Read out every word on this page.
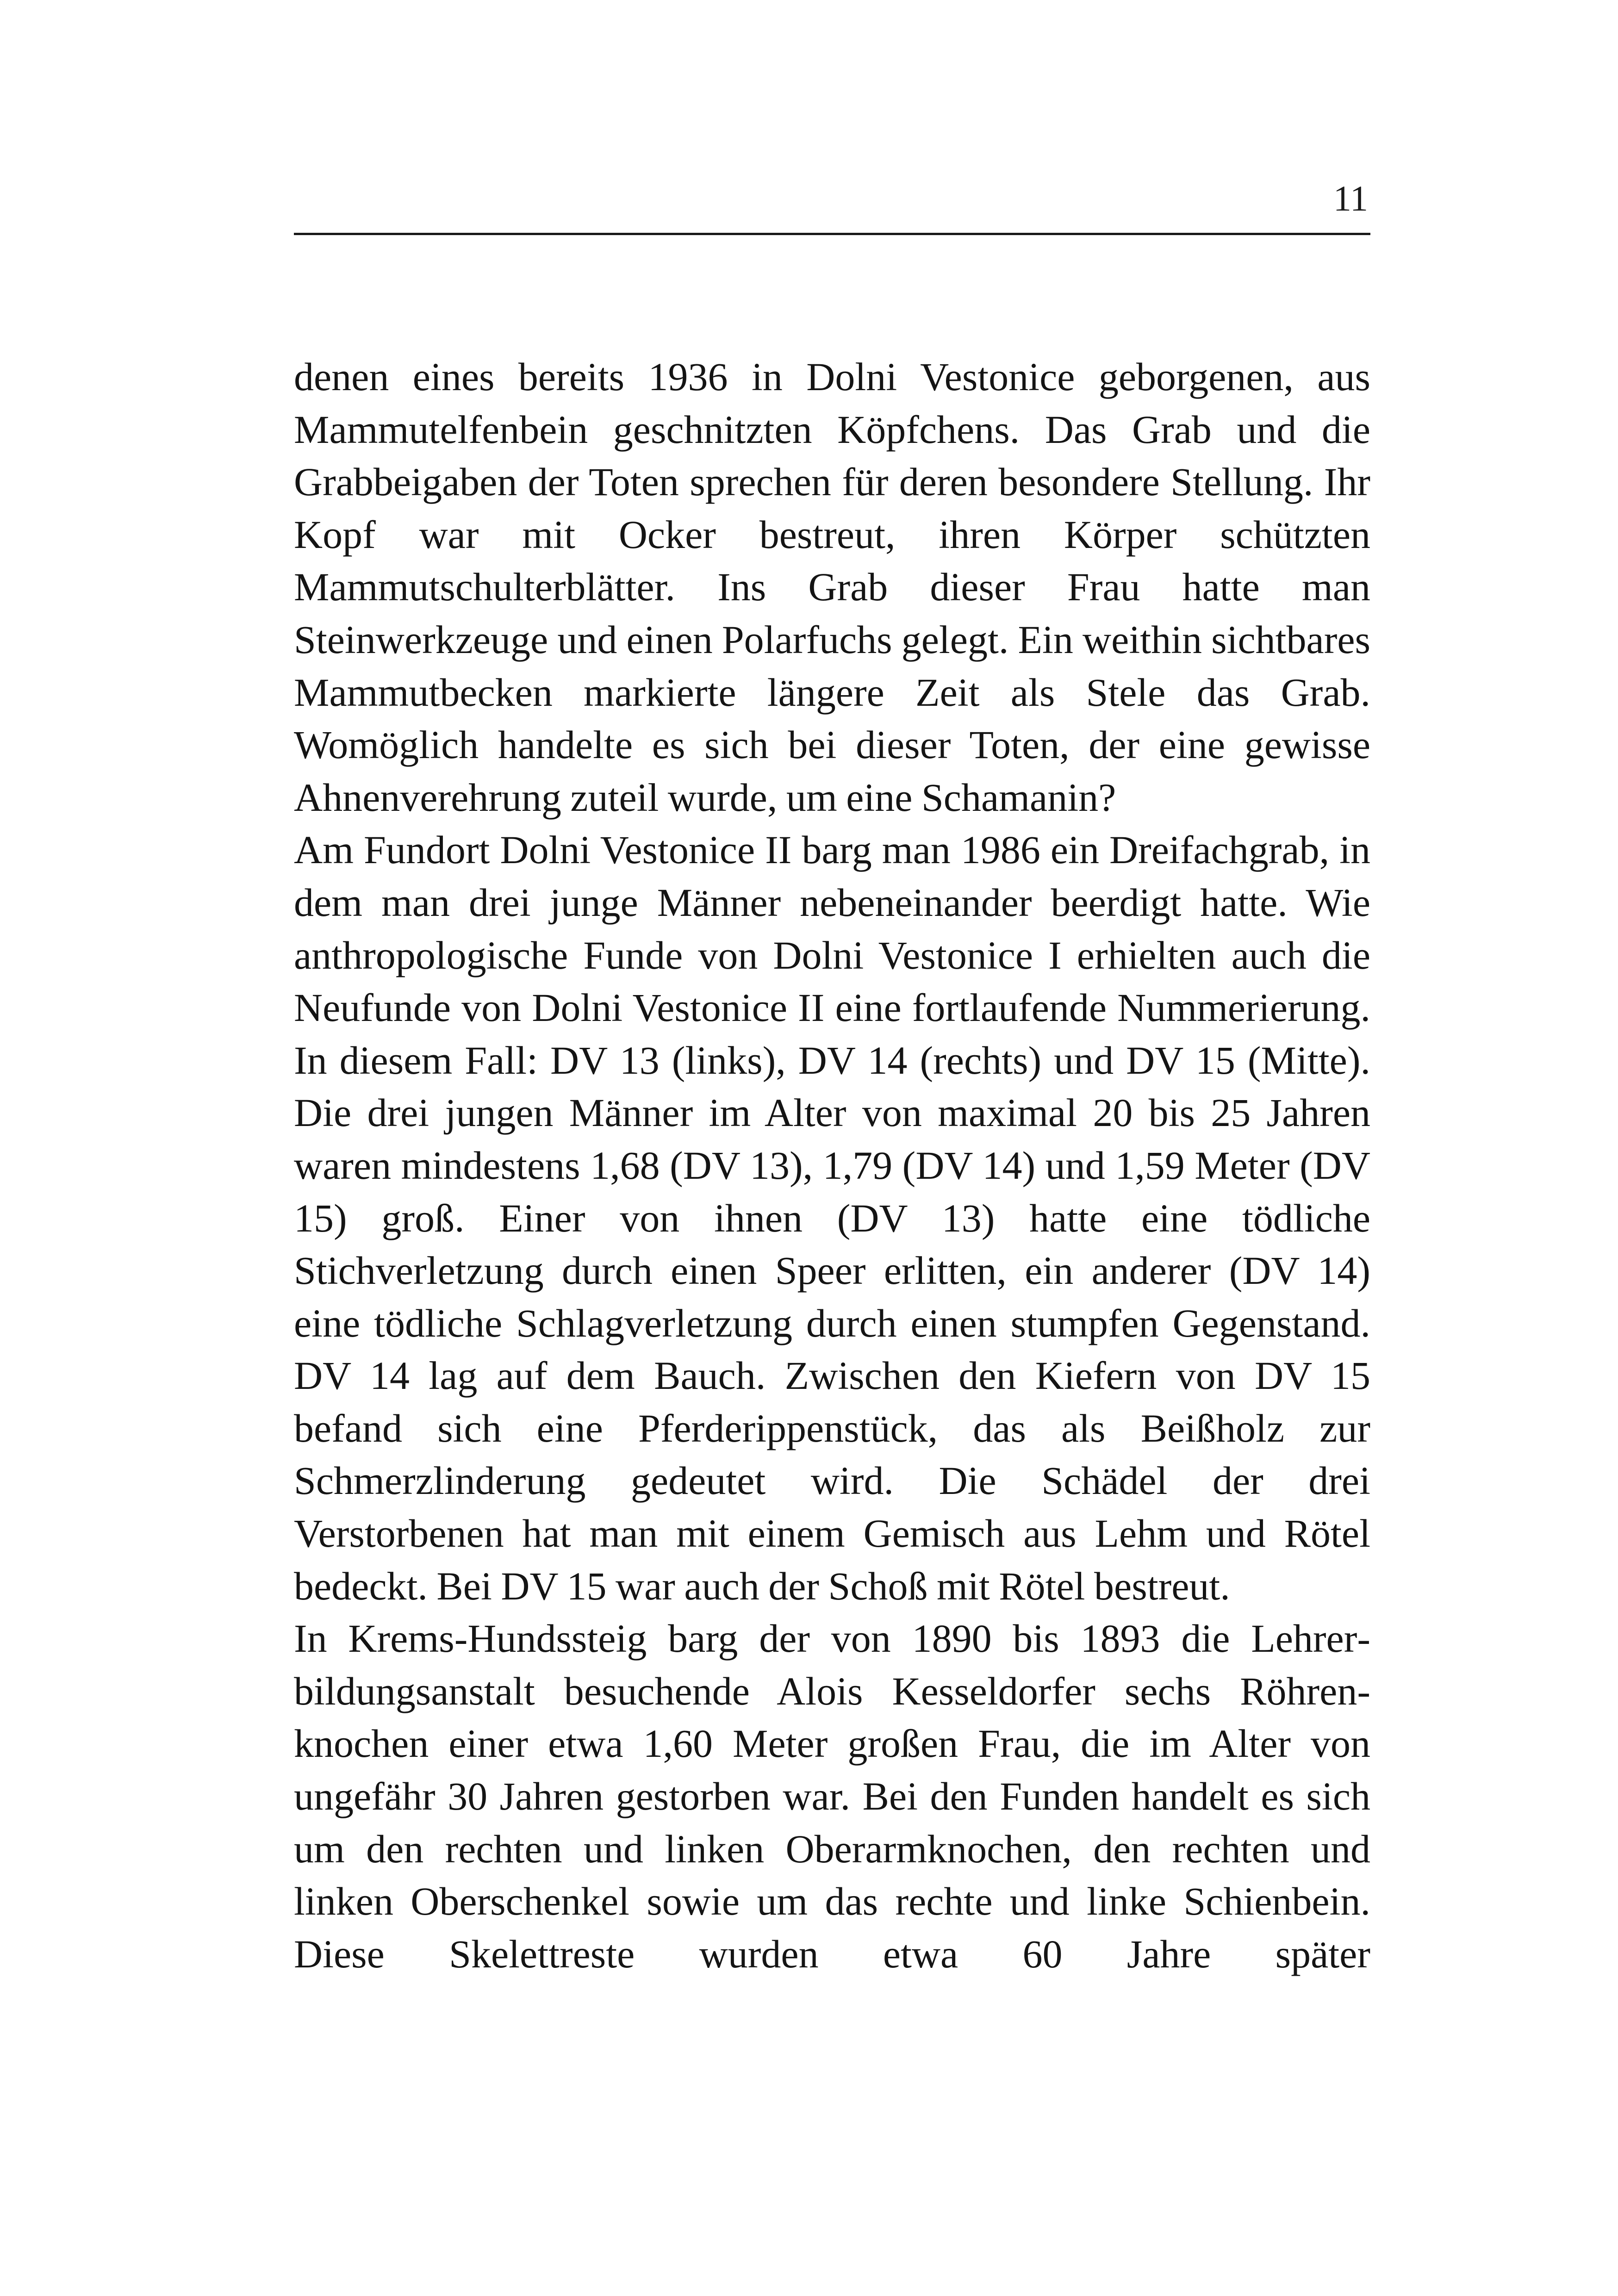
11

denen eines bereits 1936 in Dolni Vestonice geborgenen, aus Mammutelfenbein geschnitzten Köpfchens. Das Grab und die Grabbeigaben der Toten sprechen für deren besondere Stellung. Ihr Kopf war mit Ocker bestreut, ihren Körper schützten Mammutschulterblätter. Ins Grab dieser Frau hatte man Steinwerkzeuge und einen Polarfuchs gelegt. Ein weithin sichtbares Mammutbecken markierte längere Zeit als Stele das Grab. Womöglich handelte es sich bei dieser Toten, der eine gewisse Ahnenverehrung zuteil wurde, um eine Schamanin?

Am Fundort Dolni Vestonice II barg man 1986 ein Dreifachgrab, in dem man drei junge Männer nebeneinander beerdigt hatte. Wie anthropologische Funde von Dolni Vestonice I erhielten auch die Neufunde von Dolni Vestonice II eine fortlaufende Nummerierung. In diesem Fall: DV 13 (links), DV 14 (rechts) und DV 15 (Mitte). Die drei jungen Männer im Alter von maximal 20 bis 25 Jahren waren mindestens 1,68 (DV 13), 1,79 (DV 14) und 1,59 Meter (DV 15) groß. Einer von ihnen (DV 13) hatte eine tödliche Stichverletzung durch einen Speer erlitten, ein anderer (DV 14) eine tödliche Schlagverletzung durch einen stumpfen Gegenstand. DV 14 lag auf dem Bauch. Zwischen den Kiefern von DV 15 befand sich eine Pferderippenstück, das als Beißholz zur Schmerzlinderung gedeutet wird. Die Schädel der drei Verstorbenen hat man mit einem Gemisch aus Lehm und Rötel bedeckt. Bei DV 15 war auch der Schoß mit Rötel bestreut.

In Krems-Hundssteig barg der von 1890 bis 1893 die Lehrerbildungsanstalt besuchende Alois Kesseldorfer sechs Röhrenknochen einer etwa 1,60 Meter großen Frau, die im Alter von ungefähr 30 Jahren gestorben war. Bei den Funden handelt es sich um den rechten und linken Oberarmknochen, den rechten und linken Oberschenkel sowie um das rechte und linke Schienbein. Diese Skelettreste wurden etwa 60 Jahre später
